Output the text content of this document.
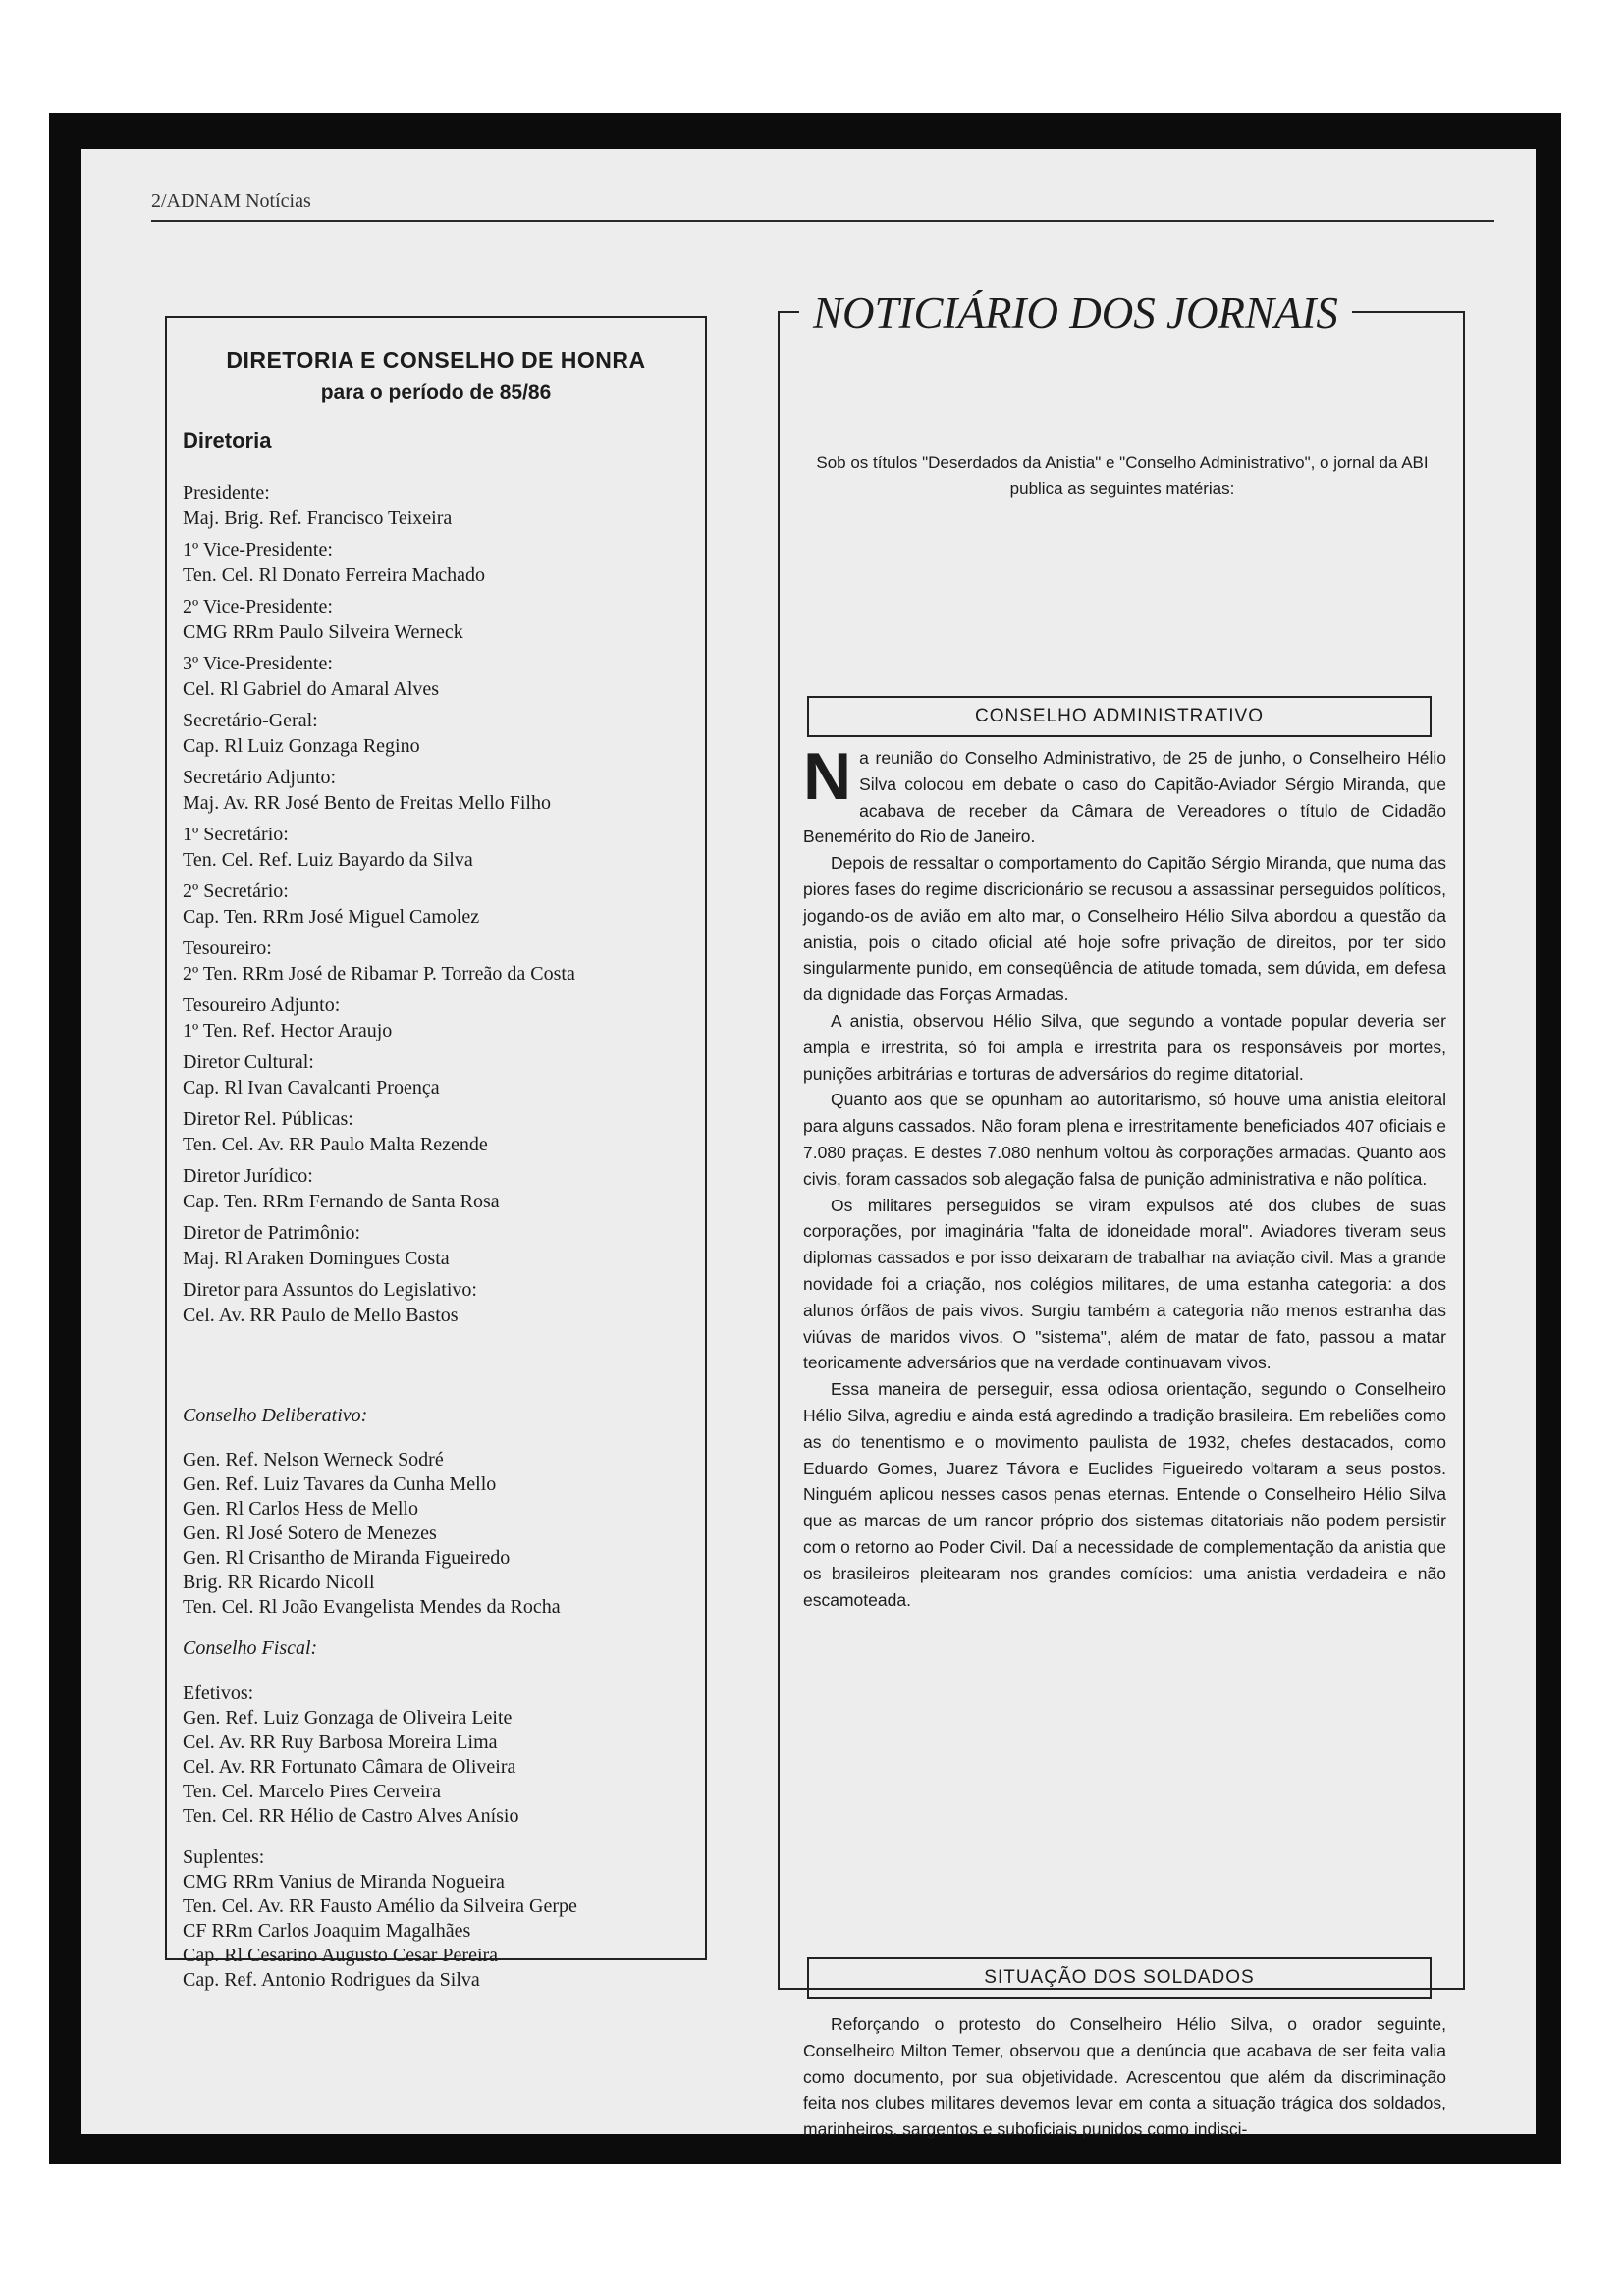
2/ADNAM Notícias
DIRETORIA E CONSELHO DE HONRA
para o período de 85/86
Diretoria
Presidente:
Maj. Brig. Ref. Francisco Teixeira
1º Vice-Presidente:
Ten. Cel. Rl Donato Ferreira Machado
2º Vice-Presidente:
CMG RRm Paulo Silveira Werneck
3º Vice-Presidente:
Cel. Rl Gabriel do Amaral Alves
Secretário-Geral:
Cap. Rl Luiz Gonzaga Regino
Secretário Adjunto:
Maj. Av. RR José Bento de Freitas Mello Filho
1º Secretário:
Ten. Cel. Ref. Luiz Bayardo da Silva
2º Secretário:
Cap. Ten. RRm José Miguel Camolez
Tesoureiro:
2º Ten. RRm José de Ribamar P. Torreão da Costa
Tesoureiro Adjunto:
1º Ten. Ref. Hector Araujo
Diretor Cultural:
Cap. Rl Ivan Cavalcanti Proença
Diretor Rel. Públicas:
Ten. Cel. Av. RR Paulo Malta Rezende
Diretor Jurídico:
Cap. Ten. RRm Fernando de Santa Rosa
Diretor de Patrimônio:
Maj. Rl Araken Domingues Costa
Diretor para Assuntos do Legislativo:
Cel. Av. RR Paulo de Mello Bastos

Conselho Deliberativo:

Gen. Ref. Nelson Werneck Sodré
Gen. Ref. Luiz Tavares da Cunha Mello
Gen. Rl Carlos Hess de Mello
Gen. Rl José Sotero de Menezes
Gen. Rl Crisantho de Miranda Figueiredo
Brig. RR Ricardo Nicoll
Ten. Cel. Rl João Evangelista Mendes da Rocha

Conselho Fiscal:

Efetivos:

Gen. Ref. Luiz Gonzaga de Oliveira Leite
Cel. Av. RR Ruy Barbosa Moreira Lima
Cel. Av. RR Fortunato Câmara de Oliveira
Ten. Cel. Marcelo Pires Cerveira
Ten. Cel. RR Hélio de Castro Alves Anísio

Suplentes:

CMG RRm Vanius de Miranda Nogueira
Ten. Cel. Av. RR Fausto Amélio da Silveira Gerpe
CF RRm Carlos Joaquim Magalhães
Cap. Rl Cesarino Augusto Cesar Pereira
Cap. Ref. Antonio Rodrigues da Silva
NOTICIÁRIO DOS JORNAIS

Sob os títulos "Deserdados da Anistia" e "Conselho Administrativo", o jornal da ABI publica as seguintes matérias:

CONSELHO ADMINISTRATIVO

Na reunião do Conselho Administrativo, de 25 de junho, o Conselheiro Hélio Silva colocou em debate o caso do Capitão-Aviador Sérgio Miranda, que acabava de receber da Câmara de Vereadores o título de Cidadão Benemérito do Rio de Janeiro.

Depois de ressaltar o comportamento do Capitão Sérgio Miranda, que numa das piores fases do regime discricionário se recusou a assassinar perseguidos políticos, jogando-os de avião em alto mar, o Conselheiro Hélio Silva abordou a questão da anistia, pois o citado oficial até hoje sofre privação de direitos, por ter sido singularmente punido, em conseqüência de atitude tomada, sem dúvida, em defesa da dignidade das Forças Armadas.

A anistia, observou Hélio Silva, que segundo a vontade popular deveria ser ampla e irrestrita, só foi ampla e irrestrita para os responsáveis por mortes, punições arbitrárias e torturas de adversários do regime ditatorial.

Quanto aos que se opunham ao autoritarismo, só houve uma anistia eleitoral para alguns cassados. Não foram plena e irrestritamente beneficiados 407 oficiais e 7.080 praças. E destes 7.080 nenhum voltou às corporações armadas. Quanto aos civis, foram cassados sob alegação falsa de punição administrativa e não política.

Os militares perseguidos se viram expulsos até dos clubes de suas corporações, por imaginária "falta de idoneidade moral". Aviadores tiveram seus diplomas cassados e por isso deixaram de trabalhar na aviação civil. Mas a grande novidade foi a criação, nos colégios militares, de uma estanha categoria: a dos alunos órfãos de pais vivos. Surgiu também a categoria não menos estranha das viúvas de maridos vivos. O "sistema", além de matar de fato, passou a matar teoricamente adversários que na verdade continuavam vivos.

Essa maneira de perseguir, essa odiosa orientação, segundo o Conselheiro Hélio Silva, agrediu e ainda está agredindo a tradição brasileira. Em rebeliões como as do tenentismo e o movimento paulista de 1932, chefes destacados, como Eduardo Gomes, Juarez Távora e Euclides Figueiredo voltaram a seus postos. Ninguém aplicou nesses casos penas eternas. Entende o Conselheiro Hélio Silva que as marcas de um rancor próprio dos sistemas ditatoriais não podem persistir com o retorno ao Poder Civil. Daí a necessidade de complementação da anistia que os brasileiros pleitearam nos grandes comícios: uma anistia verdadeira e não escamoteada.

SITUAÇÃO DOS SOLDADOS

Reforçando o protesto do Conselheiro Hélio Silva, o orador seguinte, Conselheiro Milton Temer, observou que a denúncia que acabava de ser feita valia como documento, por sua objetividade. Acrescentou que além da discriminação feita nos clubes militares devemos levar em conta a situação trágica dos soldados, marinheiros, sargentos e suboficiais punidos como indisci-
